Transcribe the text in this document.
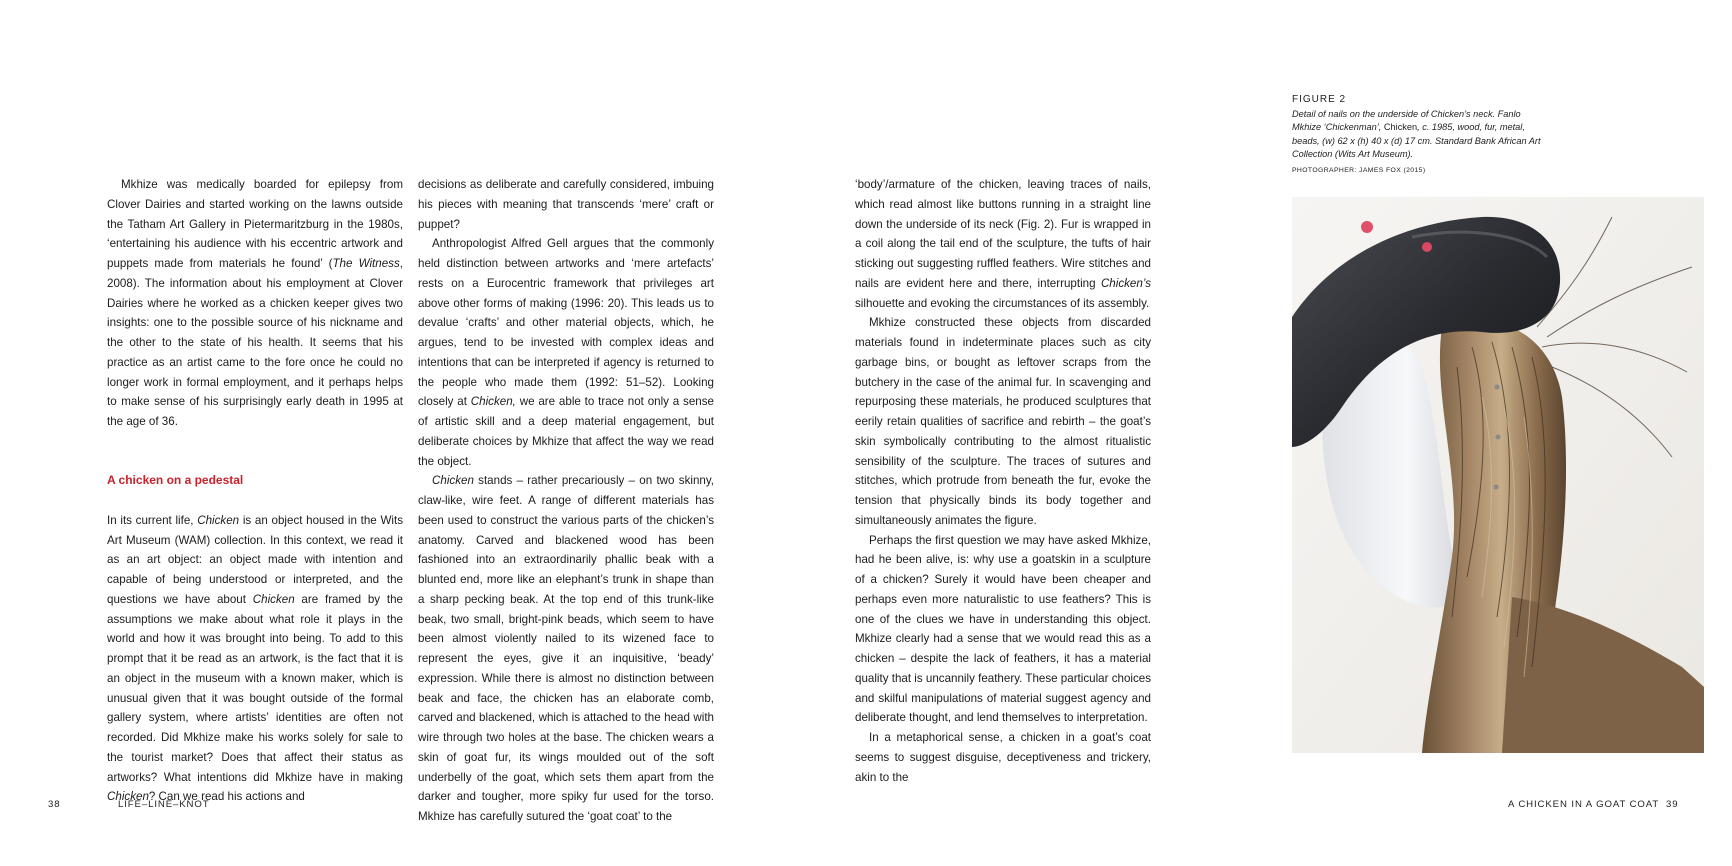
Mkhize was medically boarded for epilepsy from Clover Dairies and started working on the lawns outside the Tatham Art Gallery in Pietermaritzburg in the 1980s, ‘entertaining his audience with his eccentric artwork and puppets made from materials he found’ (The Witness, 2008). The information about his employment at Clover Dairies where he worked as a chicken keeper gives two insights: one to the possible source of his nickname and the other to the state of his health. It seems that his practice as an artist came to the fore once he could no longer work in formal employment, and it perhaps helps to make sense of his surprisingly early death in 1995 at the age of 36.

A chicken on a pedestal

In its current life, Chicken is an object housed in the Wits Art Museum (WAM) collection. In this context, we read it as an art object: an object made with intention and capable of being understood or interpreted, and the questions we have about Chicken are framed by the assumptions we make about what role it plays in the world and how it was brought into being. To add to this prompt that it be read as an artwork, is the fact that it is an object in the museum with a known maker, which is unusual given that it was bought outside of the formal gallery system, where artists’ identities are often not recorded. Did Mkhize make his works solely for sale to the tourist market? Does that affect their status as artworks? What intentions did Mkhize have in making Chicken? Can we read his actions and

decisions as deliberate and carefully considered, imbuing his pieces with meaning that transcends ‘mere’ craft or puppet?

Anthropologist Alfred Gell argues that the commonly held distinction between artworks and ‘mere artefacts’ rests on a Eurocentric framework that privileges art above other forms of making (1996: 20). This leads us to devalue ‘crafts’ and other material objects, which, he argues, tend to be invested with complex ideas and intentions that can be interpreted if agency is returned to the people who made them (1992: 51–52). Looking closely at Chicken, we are able to trace not only a sense of artistic skill and a deep material engagement, but deliberate choices by Mkhize that affect the way we read the object.

Chicken stands – rather precariously – on two skinny, claw-like, wire feet. A range of different materials has been used to construct the various parts of the chicken’s anatomy. Carved and blackened wood has been fashioned into an extraordinarily phallic beak with a blunted end, more like an elephant’s trunk in shape than a sharp pecking beak. At the top end of this trunk-like beak, two small, bright-pink beads, which seem to have been almost violently nailed to its wizened face to represent the eyes, give it an inquisitive, ‘beady’ expression. While there is almost no distinction between beak and face, the chicken has an elaborate comb, carved and blackened, which is attached to the head with wire through two holes at the base. The chicken wears a skin of goat fur, its wings moulded out of the soft underbelly of the goat, which sets them apart from the darker and tougher, more spiky fur used for the torso. Mkhize has carefully sutured the ‘goat coat’ to the

‘body’/armature of the chicken, leaving traces of nails, which read almost like buttons running in a straight line down the underside of its neck (Fig. 2). Fur is wrapped in a coil along the tail end of the sculpture, the tufts of hair sticking out suggesting ruffled feathers. Wire stitches and nails are evident here and there, interrupting Chicken’s silhouette and evoking the circumstances of its assembly.

Mkhize constructed these objects from discarded materials found in indeterminate places such as city garbage bins, or bought as leftover scraps from the butchery in the case of the animal fur. In scavenging and repurposing these materials, he produced sculptures that eerily retain qualities of sacrifice and rebirth – the goat’s skin symbolically contributing to the almost ritualistic sensibility of the sculpture. The traces of sutures and stitches, which protrude from beneath the fur, evoke the tension that physically binds its body together and simultaneously animates the figure.

Perhaps the first question we may have asked Mkhize, had he been alive, is: why use a goatskin in a sculpture of a chicken? Surely it would have been cheaper and perhaps even more naturalistic to use feathers? This is one of the clues we have in understanding this object. Mkhize clearly had a sense that we would read this as a chicken – despite the lack of feathers, it has a material quality that is uncannily feathery. These particular choices and skilful manipulations of material suggest agency and deliberate thought, and lend themselves to interpretation.

In a metaphorical sense, a chicken in a goat’s coat seems to suggest disguise, deceptiveness and trickery, akin to the

FIGURE 2
Detail of nails on the underside of Chicken’s neck. Fanlo Mkhize ‘Chickenman’, Chicken, c. 1985, wood, fur, metal, beads, (w) 62 x (h) 40 x (d) 17 cm. Standard Bank African Art Collection (Wits Art Museum).
PHOTOGRAPHER: JAMES FOX (2015)
38	LIFE–LINE–KNOT	A CHICKEN IN A GOAT COAT 39
